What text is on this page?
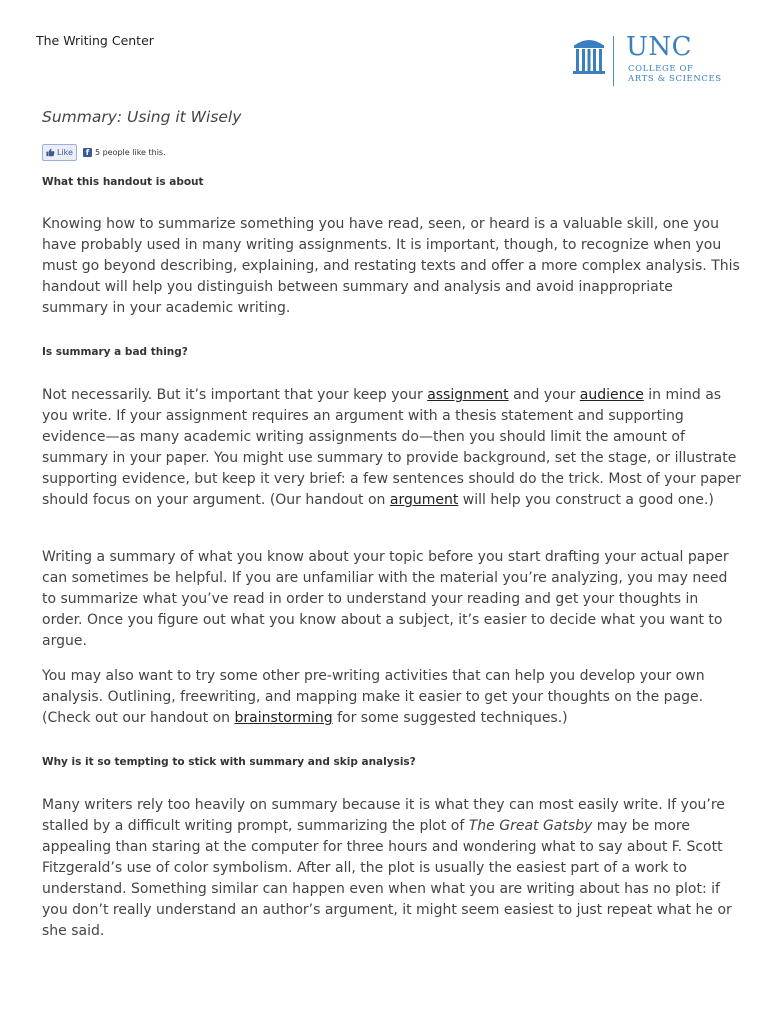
The Writing Center	UNC
COLLEGE OF
ARTS & SCIENCES
Summary: Using it Wisely
Like	f 5 people like this.
What this handout is about

Knowing how to summarize something you have read, seen, or heard is a valuable skill, one you have probably used in many writing assignments. It is important, though, to recognize when you must go beyond describing, explaining, and restating texts and offer a more complex analysis. This handout will help you distinguish between summary and analysis and avoid inappropriate summary in your academic writing.

Is summary a bad thing?

Not necessarily. But it’s important that your keep your assignment and your audience in mind as you write. If your assignment requires an argument with a thesis statement and supporting evidence—as many academic writing assignments do—then you should limit the amount of summary in your paper. You might use summary to provide background, set the stage, or illustrate supporting evidence, but keep it very brief: a few sentences should do the trick. Most of your paper should focus on your argument. (Our handout on argument will help you construct a good one.)

Writing a summary of what you know about your topic before you start drafting your actual paper can sometimes be helpful. If you are unfamiliar with the material you’re analyzing, you may need to summarize what you’ve read in order to understand your reading and get your thoughts in order. Once you figure out what you know about a subject, it’s easier to decide what you want to argue.

You may also want to try some other pre-writing activities that can help you develop your own analysis. Outlining, freewriting, and mapping make it easier to get your thoughts on the page. (Check out our handout on brainstorming for some suggested techniques.)

Why is it so tempting to stick with summary and skip analysis?

Many writers rely too heavily on summary because it is what they can most easily write. If you’re stalled by a difficult writing prompt, summarizing the plot of The Great Gatsby may be more appealing than staring at the computer for three hours and wondering what to say about F. Scott Fitzgerald’s use of color symbolism. After all, the plot is usually the easiest part of a work to understand. Something similar can happen even when what you are writing about has no plot: if you don’t really understand an author’s argument, it might seem easiest to just repeat what he or she said.
